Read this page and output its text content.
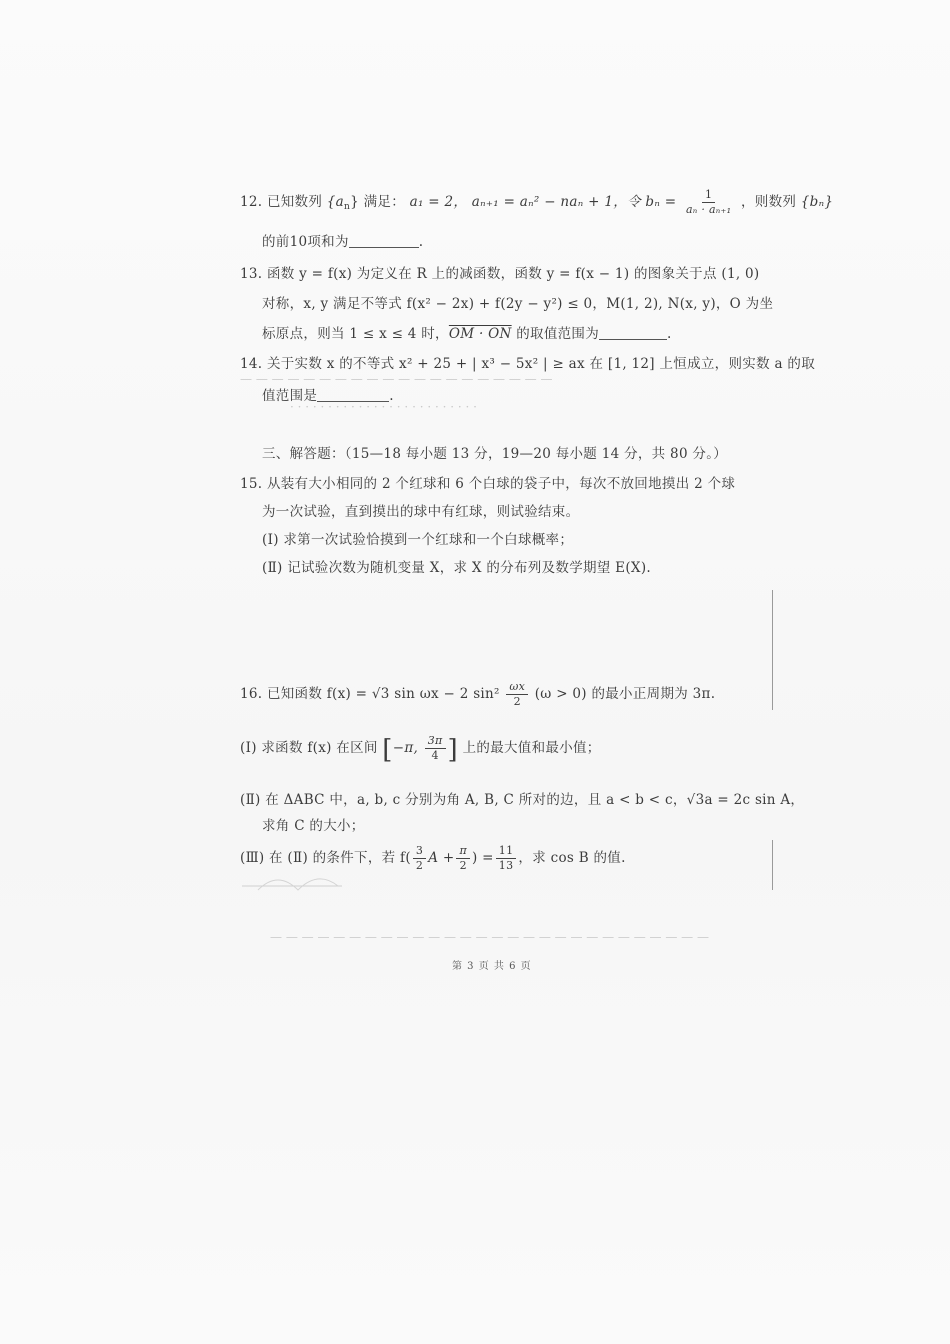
— — — — — — — — — — — — — — — — — — — —
· · · · · · · · · · · · · · · · · · · · · · · · ·
— — — — — — — — — — — — — — — — — — — — — — — — — — — —
12. 已知数列 $\{a_n\}$ 满足： a₁ = 2， aₙ₊₁ = aₙ² − naₙ + 1，令 $b_n = \frac{1}{\text{aₙ · aₙ₊₁}}$ ，则数列 {bₙ}
的前10项和为	.
13. 函数 y = f(x) 为定义在 R 上的减函数，函数 y = f(x − 1) 的图象关于点 (1, 0)
对称，x, y 满足不等式 f(x² − 2x) + f(2y − y²) ≤ 0，M(1, 2), N(x, y)，O 为坐
标原点，则当 1 ≤ x ≤ 4 时，OM · ON 的取值范围为	.
14. 关于实数 x 的不等式 x² + 25 + | x³ − 5x² | ≥ ax 在 [1, 12] 上恒成立，则实数 a 的取
值范围是	.
三、解答题：（15—18 每小题 13 分，19—20 每小题 14 分，共 80 分。）
15. 从装有大小相同的 2 个红球和 6 个白球的袋子中，每次不放回地摸出 2 个球
为一次试验，直到摸出的球中有红球，则试验结束。
(Ⅰ) 求第一次试验恰摸到一个红球和一个白球概率；
(Ⅱ) 记试验次数为随机变量 X，求 X 的分布列及数学期望 E(X).
16. 已知函数 f(x) = √3 sin ωx − 2 $\sin^2 \frac{\omega x}{2} (\omega > 0)$ 的最小正周期为 3π.
(Ⅰ) 求函数 f(x) 在区间 [−π, $\frac{3\pi}{4}$ ] 上的最大值和最小值；
(Ⅱ) 在 ΔABC 中，a, b, c 分别为角 A, B, C 所对的边，且 a < b < c，√3a = 2c sin A，
求角 C 的大小；
(Ⅲ) 在 (Ⅱ) 的条件下，若 $f( \frac{3}{2}$ $A + \frac{\pi}{2}$ ) = $\frac{11}{13}$ ，求 cos B 的值.
第 3 页 共 6 页
